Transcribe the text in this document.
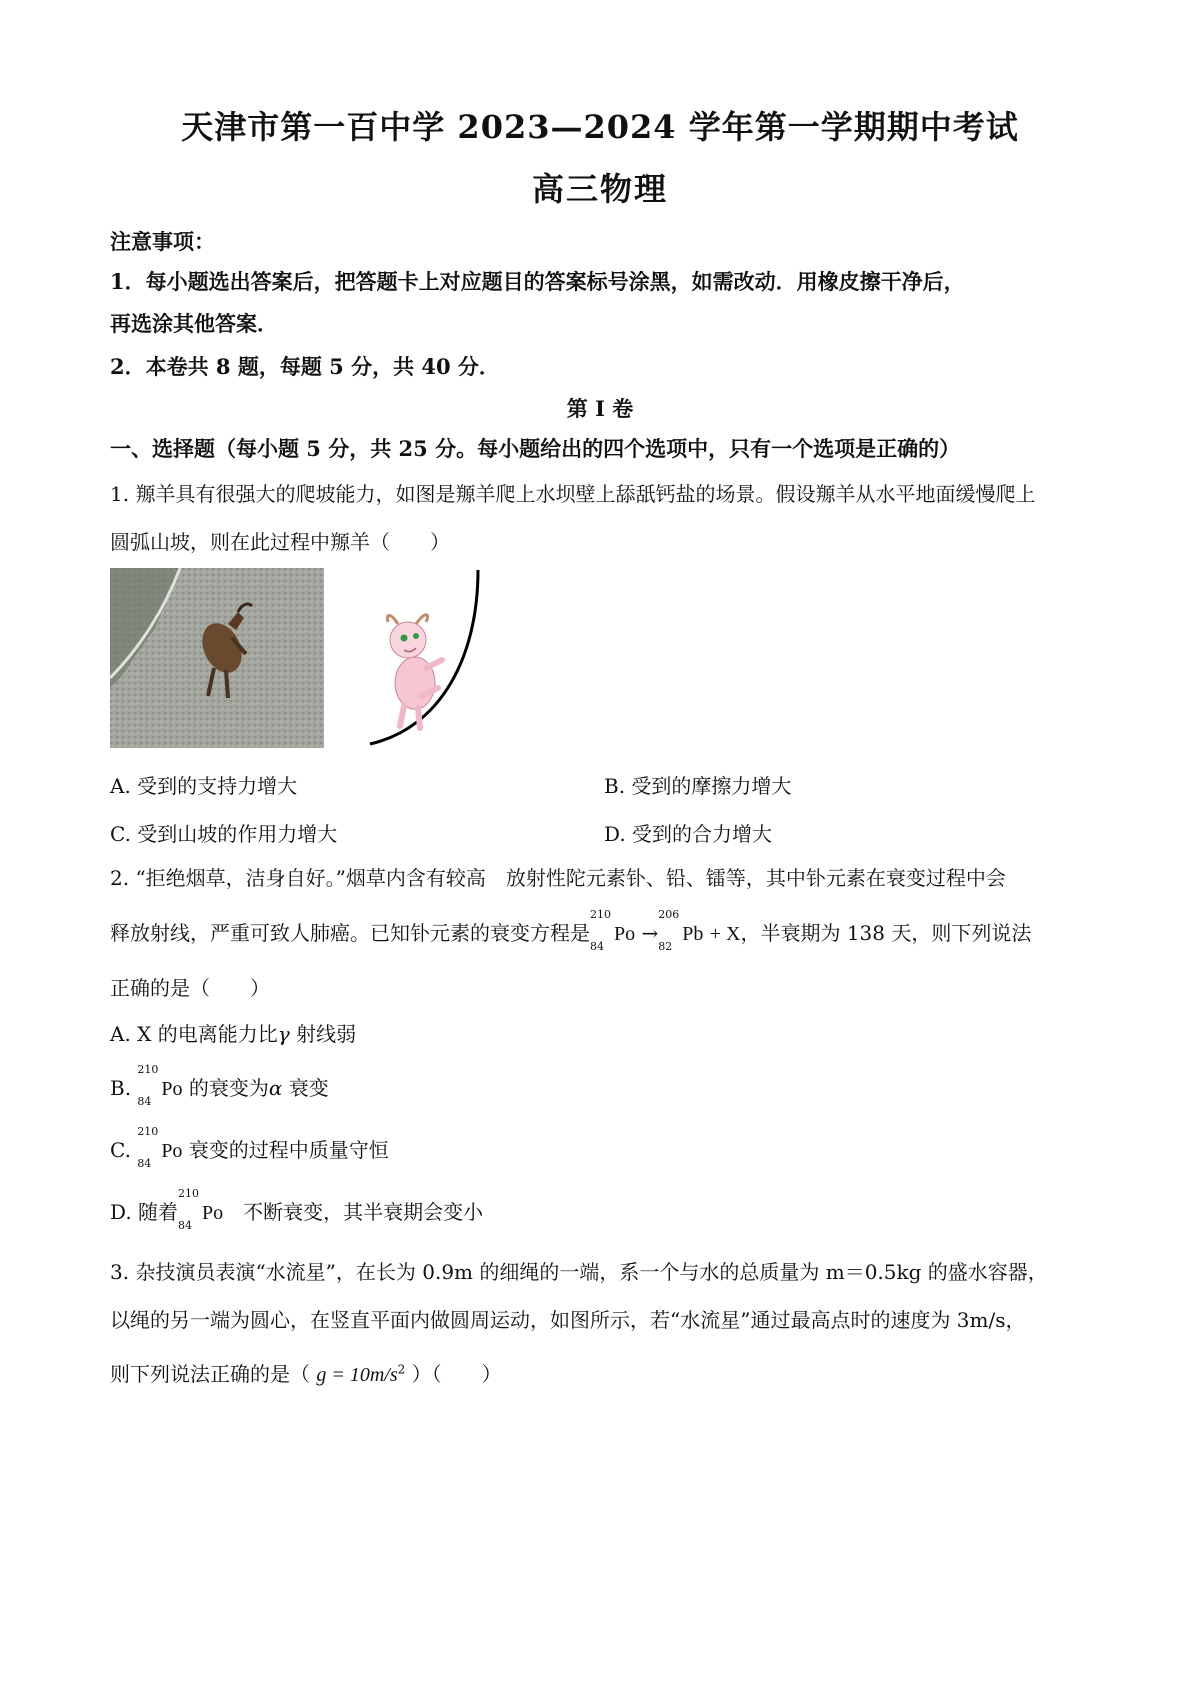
天津市第一百中学 2023—2024 学年第一学期期中考试
高三物理
注意事项：
1．每小题选出答案后，把答题卡上对应题目的答案标号涂黑，如需改动．用橡皮擦干净后，
再选涂其他答案．
2．本卷共 8 题，每题 5 分，共 40 分．
第 I 卷
一、选择题（每小题 5 分，共 25 分。每小题给出的四个选项中，只有一个选项是正确的）
1. 羱羊具有很强大的爬坡能力，如图是羱羊爬上水坝壁上舔舐钙盐的场景。假设羱羊从水平地面缓慢爬上
圆弧山坡，则在此过程中羱羊（　　）
A. 受到的支持力增大	B. 受到的摩擦力增大
C. 受到山坡的作用力增大	D. 受到的合力增大
2. “拒绝烟草，洁身自好。”烟草内含有较高　放射性陀元素钋、铅、镭等，其中钋元素在衰变过程中会
释放射线，严重可致人肺癌。已知钋元素的衰变方程是
210
84
Po →
206
82
Pb + X，半衰期为 138 天，则下列说法
正确的是（　　）
A. X 的电离能力比γ 射线弱
B.
210
84
Po 的衰变为α 衰变
C.
210
84
Po 衰变的过程中质量守恒
D. 随着
210
84
Po　不断衰变，其半衰期会变小
3. 杂技演员表演“水流星”，在长为 0.9m 的细绳的一端，系一个与水的总质量为 m＝0.5kg 的盛水容器，
以绳的另一端为圆心，在竖直平面内做圆周运动，如图所示，若“水流星”通过最高点时的速度为 3m/s，
则下列说法正确的是（ $g = 10m/s^2$ ）（　　）
